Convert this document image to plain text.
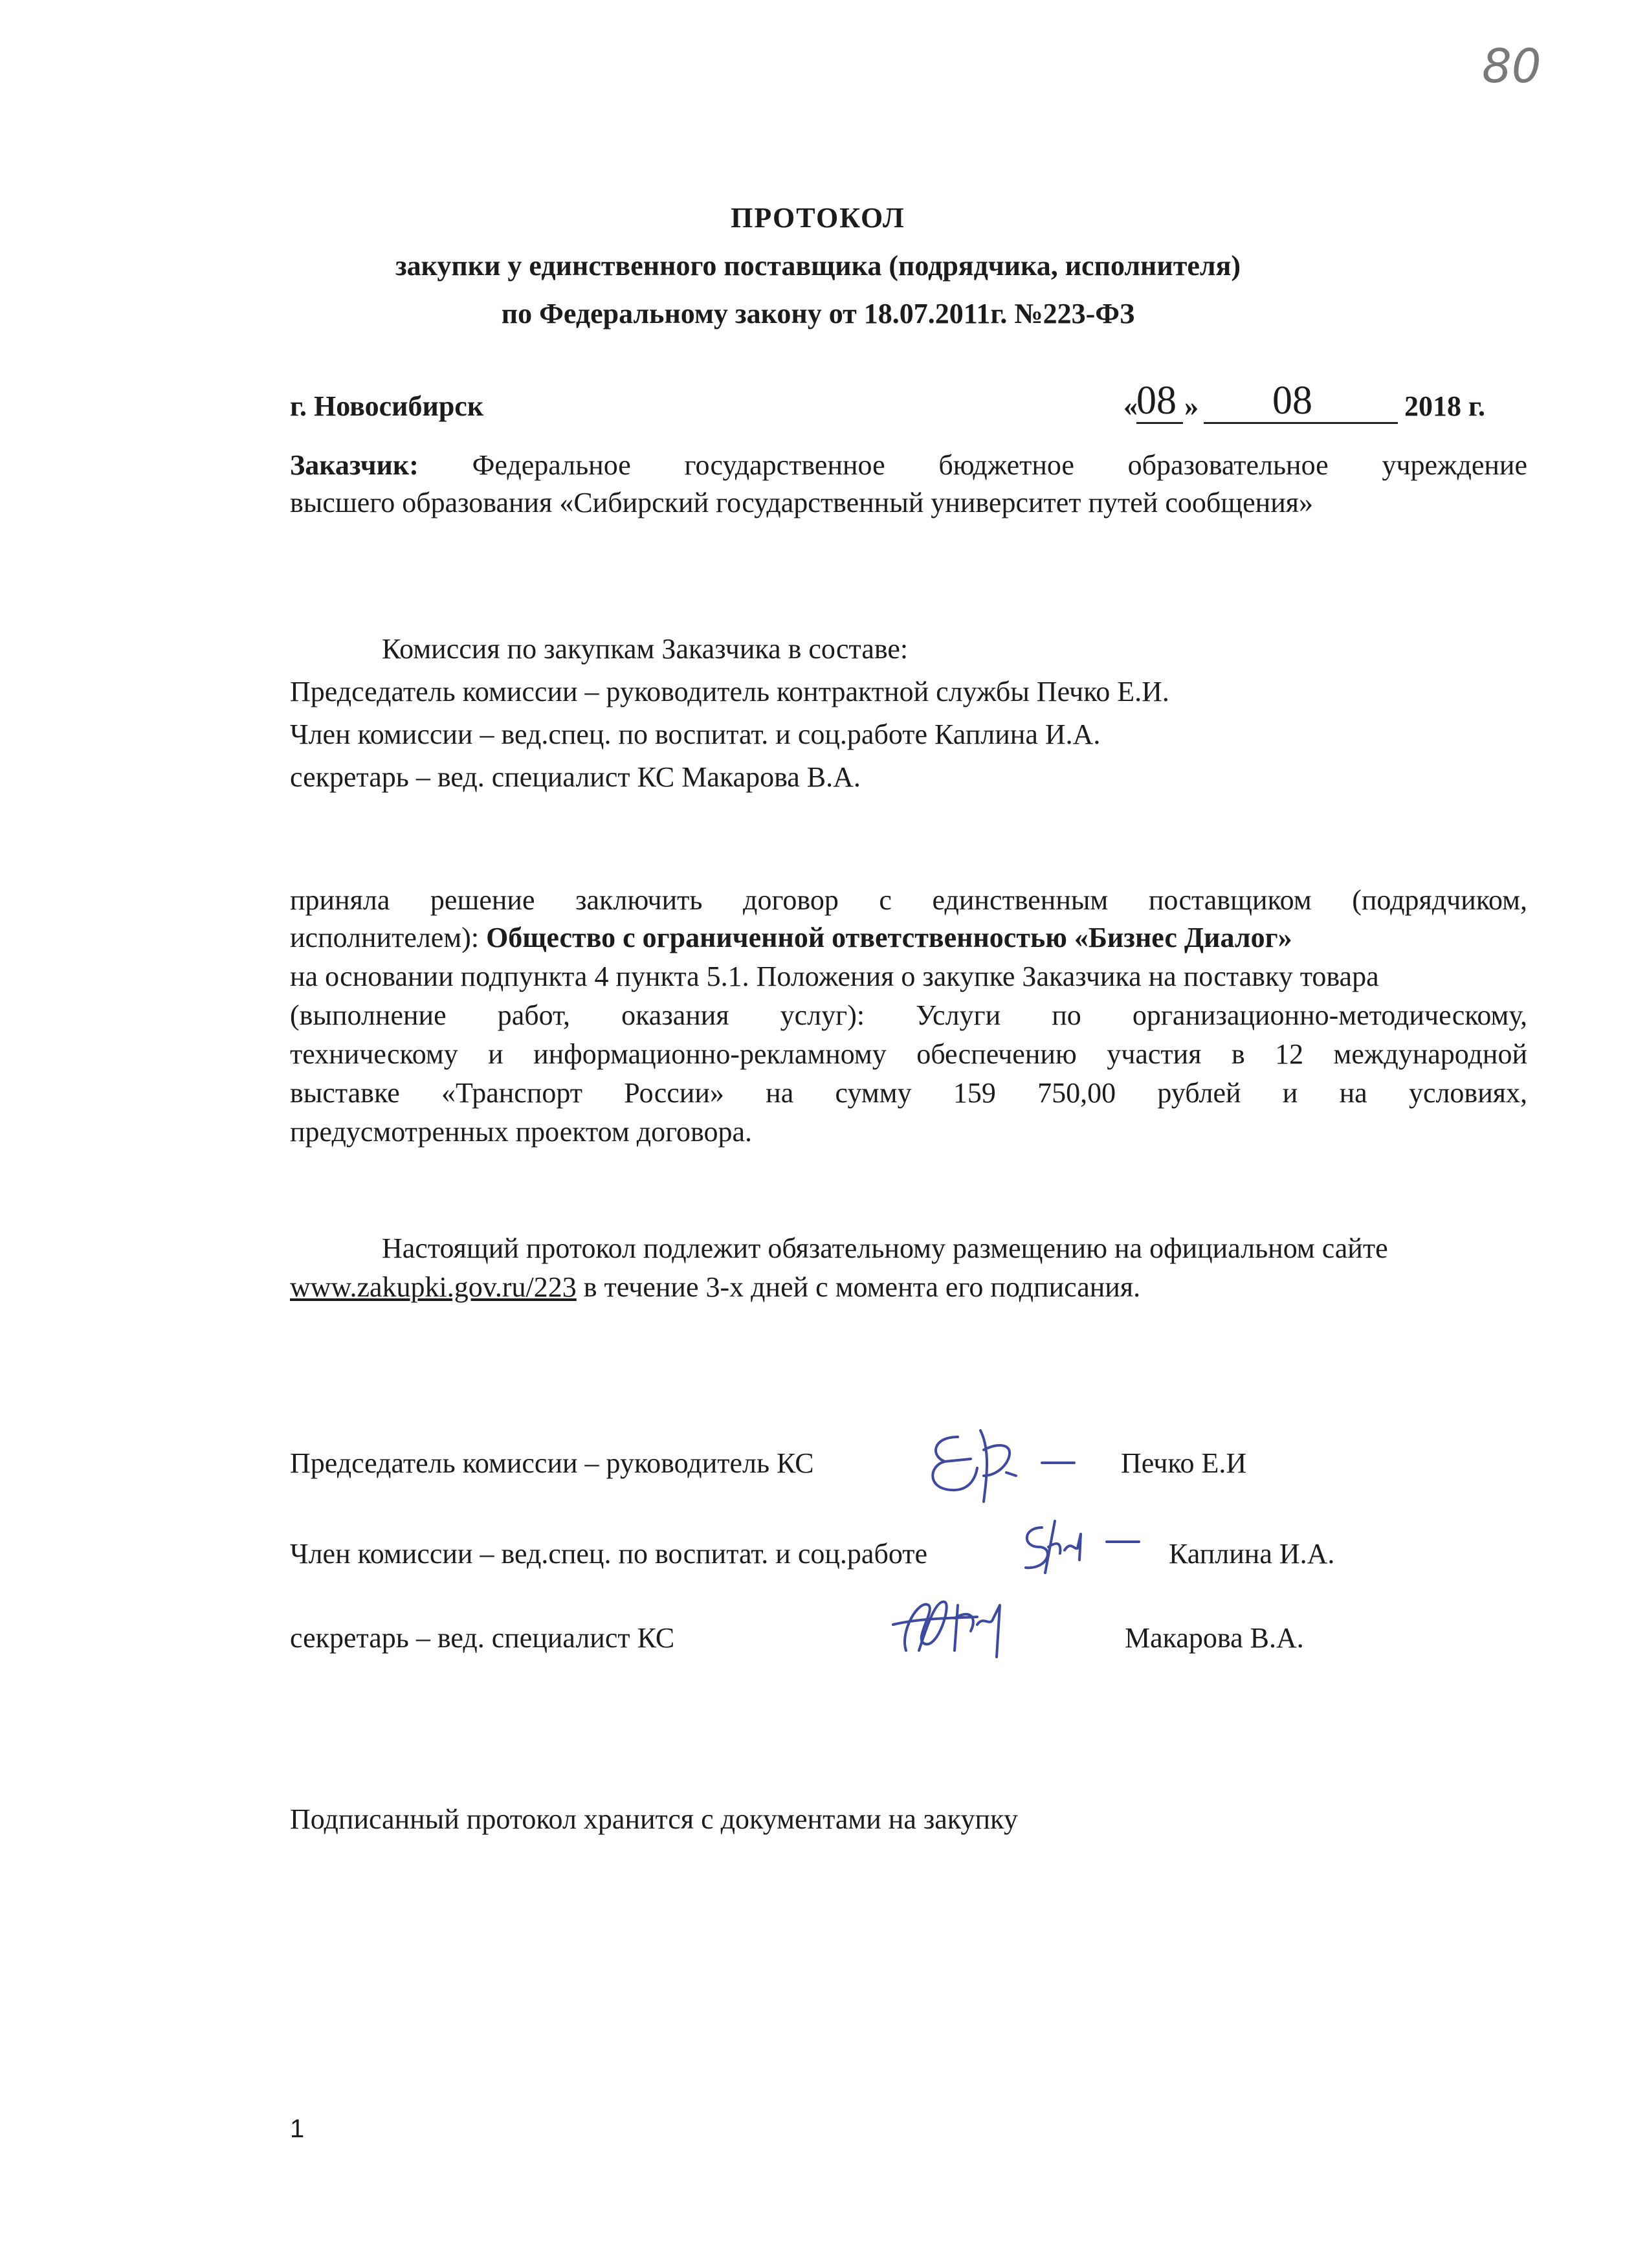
80
ПРОТОКОЛ
закупки у единственного поставщика (подрядчика, исполнителя)
по Федеральному закону от 18.07.2011г. №223-ФЗ
г. Новосибирск	«
08 » 08	2018 г.
Заказчик: Федеральное государственное бюджетное образовательное учреждение
высшего образования «Сибирский государственный университет путей сообщения»
Комиссия по закупкам Заказчика в составе:
Председатель комиссии – руководитель контрактной службы Печко Е.И.
Член комиссии – вед.спец. по воспитат. и соц.работе Каплина И.А.
секретарь – вед. специалист КС Макарова В.А.
приняла решение заключить договор с единственным поставщиком (подрядчиком,
исполнителем): Общество с ограниченной ответственностью «Бизнес Диалог»
на основании подпункта 4 пункта 5.1. Положения о закупке Заказчика на поставку товара
(выполнение работ, оказания услуг): Услуги по организационно-методическому,
техническому и информационно-рекламному обеспечению участия в 12 международной
выставке «Транспорт России» на сумму 159 750,00 рублей и на условиях,
предусмотренных проектом договора.
Настоящий протокол подлежит обязательному размещению на официальном сайте
www.zakupki.gov.ru/223 в течение 3-х дней с момента его подписания.
Председатель комиссии – руководитель КС	Печко Е.И
Член комиссии – вед.спец. по воспитат. и соц.работе	Каплина И.А.
секретарь – вед. специалист КС	Макарова В.А.
Подписанный протокол хранится с документами на закупку
1
